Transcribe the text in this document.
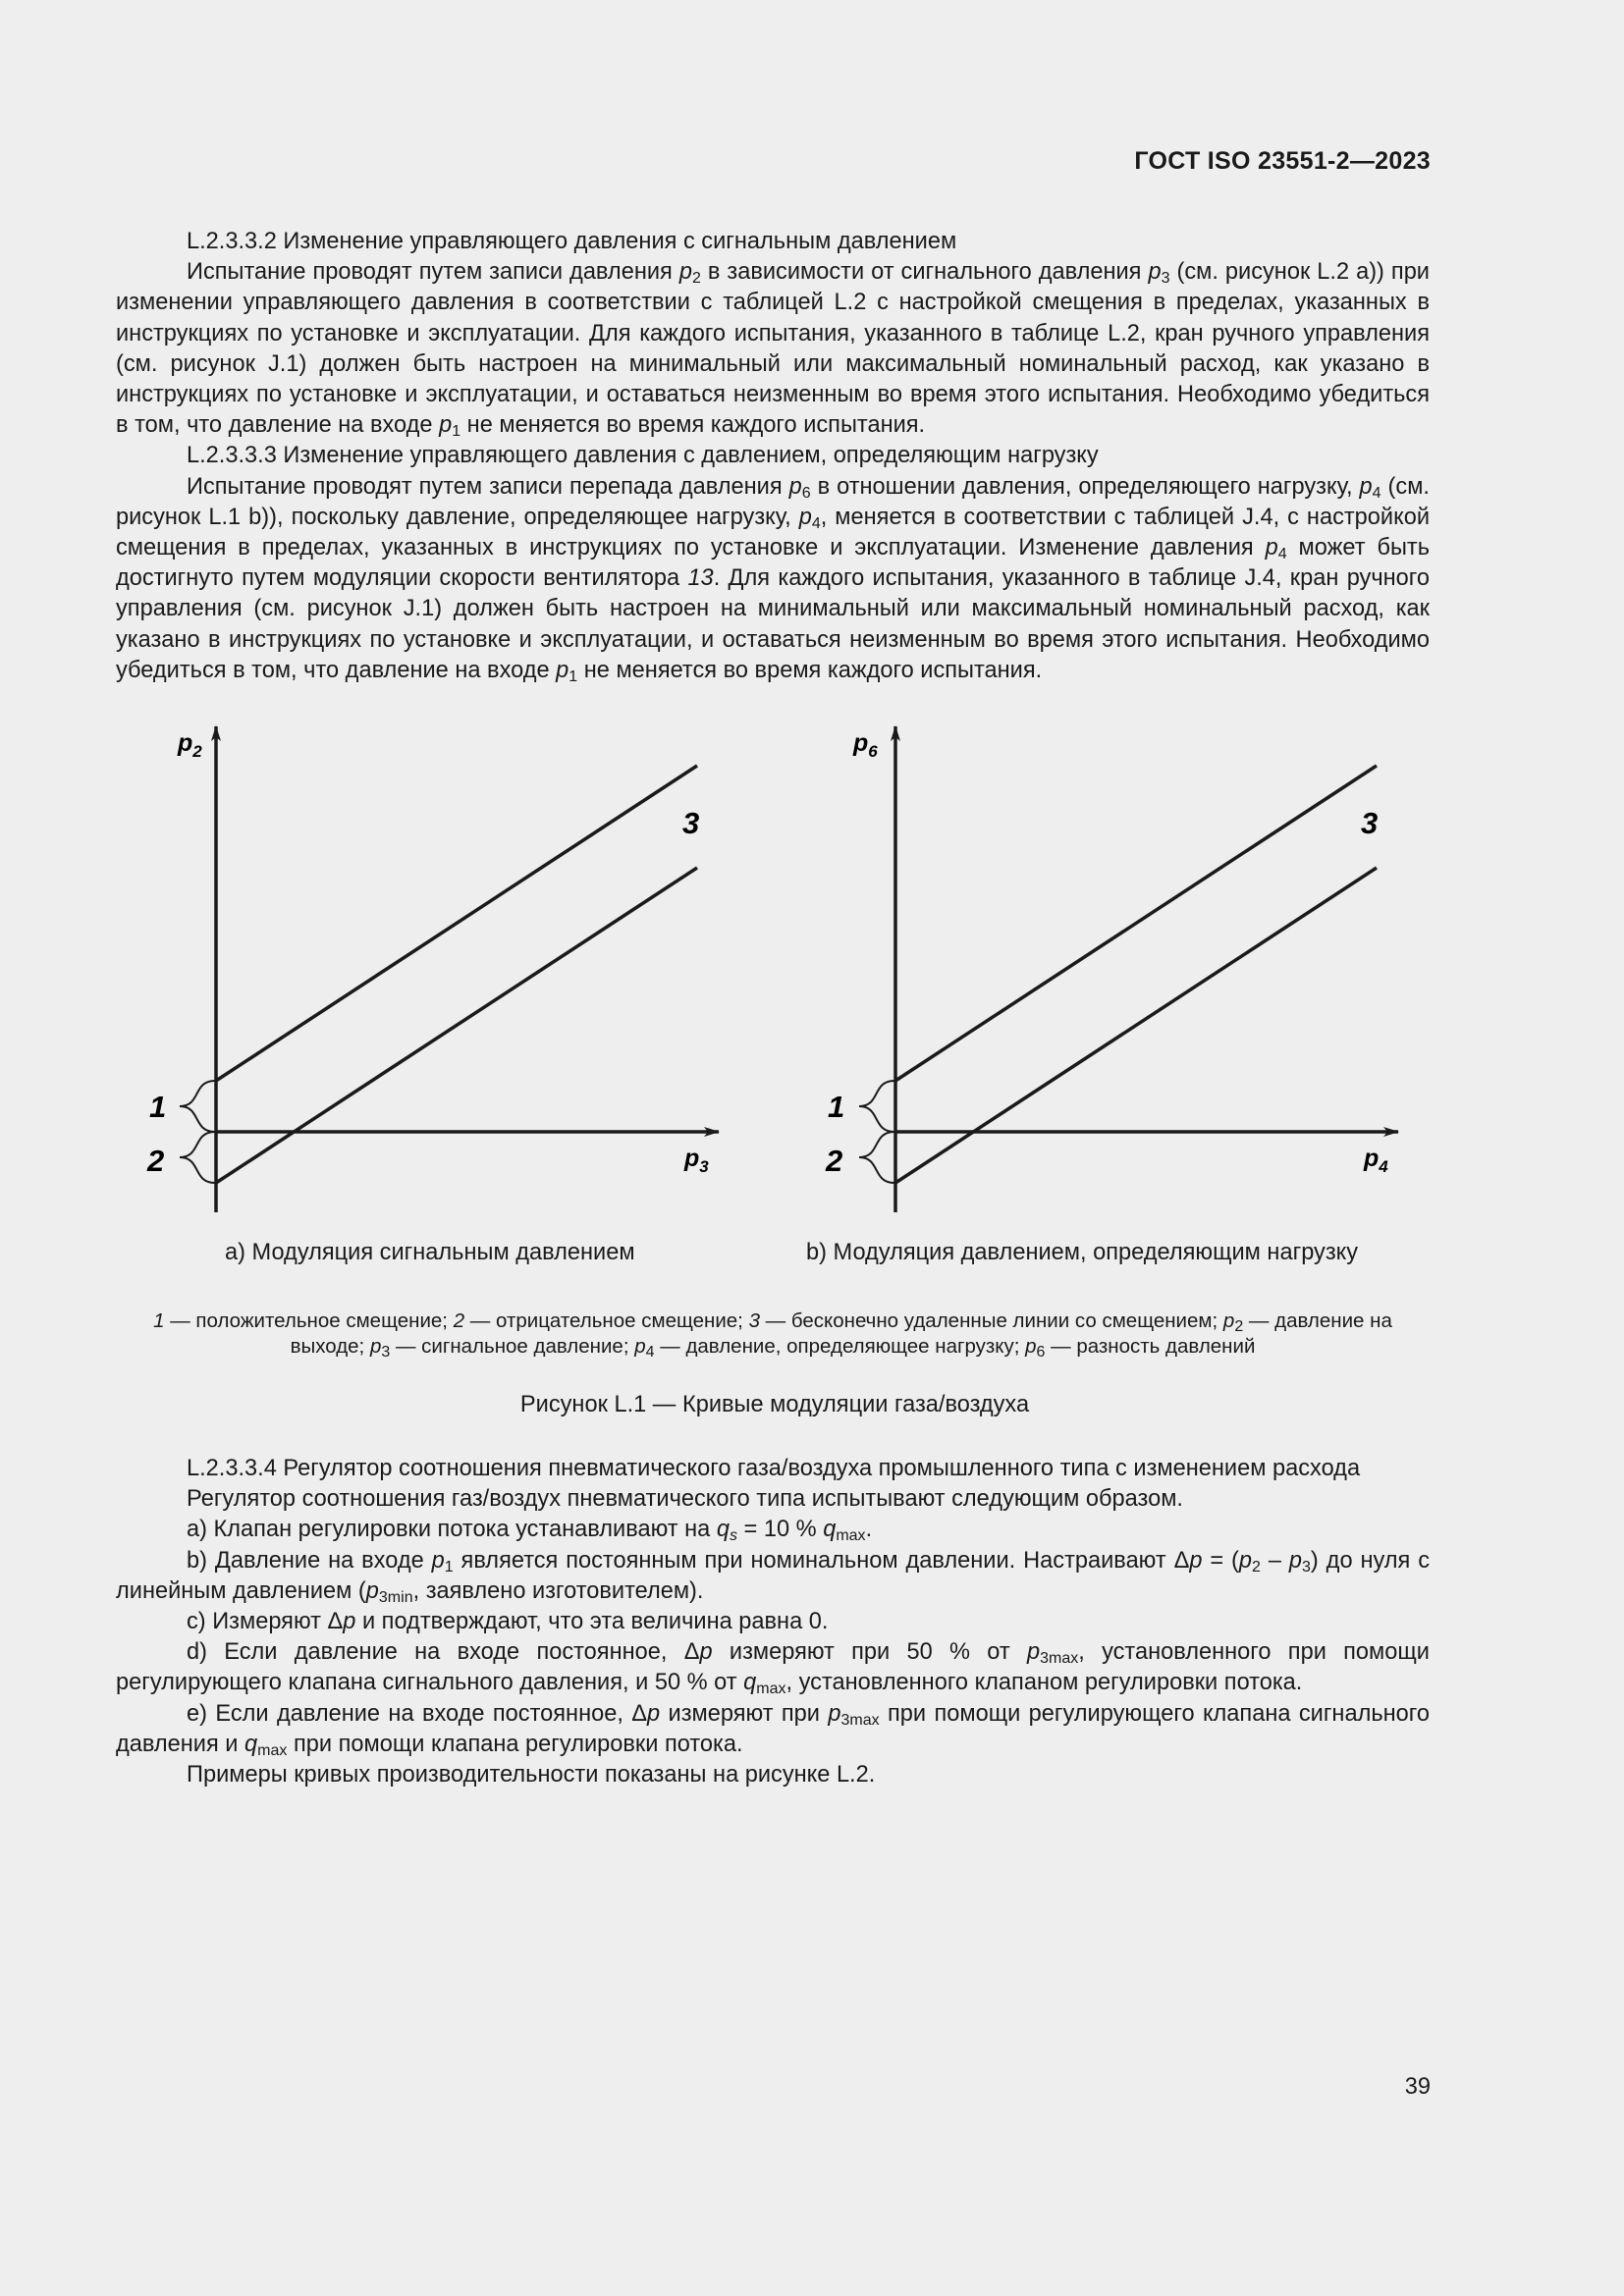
ГОСТ ISO 23551-2—2023

L.2.3.3.2 Изменение управляющего давления с сигнальным давлением

Испытание проводят путем записи давления $p_2$ в зависимости от сигнального давления $p_3$ (см. рисунок L.2 а)) при изменении управляющего давления в соответствии с таблицей L.2 с настройкой смещения в пределах, указанных в инструкциях по установке и эксплуатации. Для каждого испытания, указанного в таблице L.2, кран ручного управления (см. рисунок J.1) должен быть настроен на минимальный или максимальный номинальный расход, как указано в инструкциях по установке и эксплуатации, и оставаться неизменным во время этого испытания. Необходимо убедиться в том, что давление на входе $p_1$ не меняется во время каждого испытания.

L.2.3.3.3 Изменение управляющего давления с давлением, определяющим нагрузку

Испытание проводят путем записи перепада давления $p_6$ в отношении давления, определяющего нагрузку, $p_4$ (см. рисунок L.1 b)), поскольку давление, определяющее нагрузку, $p_4$, меняется в соответствии с таблицей J.4, с настройкой смещения в пределах, указанных в инструкциях по установке и эксплуатации. Изменение давления $p_4$ может быть достигнуто путем модуляции скорости вентилятора 13. Для каждого испытания, указанного в таблице J.4, кран ручного управления (см. рисунок J.1) должен быть настроен на минимальный или максимальный номинальный расход, как указано в инструкциях по установке и эксплуатации, и оставаться неизменным во время этого испытания. Необходимо убедиться в том, что давление на входе $p_1$ не меняется во время каждого испытания.

$p_2$
$p_3$
1
2
3
$p_6$
$p_4$
1
2
3
а) Модуляция сигнальным давлением	b) Модуляция давлением, определяющим нагрузку

1 — положительное смещение; 2 — отрицательное смещение; 3 — бесконечно удаленные линии со смещением; $p_2$ — давление на выходе; $p_3$ — сигнальное давление; $p_4$ — давление, определяющее нагрузку; $p_6$ — разность давлений

Рисунок L.1 — Кривые модуляции газа/воздуха

L.2.3.3.4 Регулятор соотношения пневматического газа/воздуха промышленного типа с изменением расхода

Регулятор соотношения газ/воздух пневматического типа испытывают следующим образом.

а) Клапан регулировки потока устанавливают на $q_s = 10$ % $q_{max}$.

b) Давление на входе $p_1$ является постоянным при номинальном давлении. Настраивают $\Delta p = (p_2 - p_3)$ до нуля с линейным давлением ($p_{3min}$, заявлено изготовителем).

c) Измеряют Δp и подтверждают, что эта величина равна 0.

d) Если давление на входе постоянное, Δp измеряют при 50 % от $p_{3max}$, установленного при помощи регулирующего клапана сигнального давления, и 50 % от $q_{max}$, установленного клапаном регулировки потока.

е) Если давление на входе постоянное, Δp измеряют при $p_{3max}$ при помощи регулирующего клапана сигнального давления и $q_{max}$ при помощи клапана регулировки потока.

Примеры кривых производительности показаны на рисунке L.2.

39
